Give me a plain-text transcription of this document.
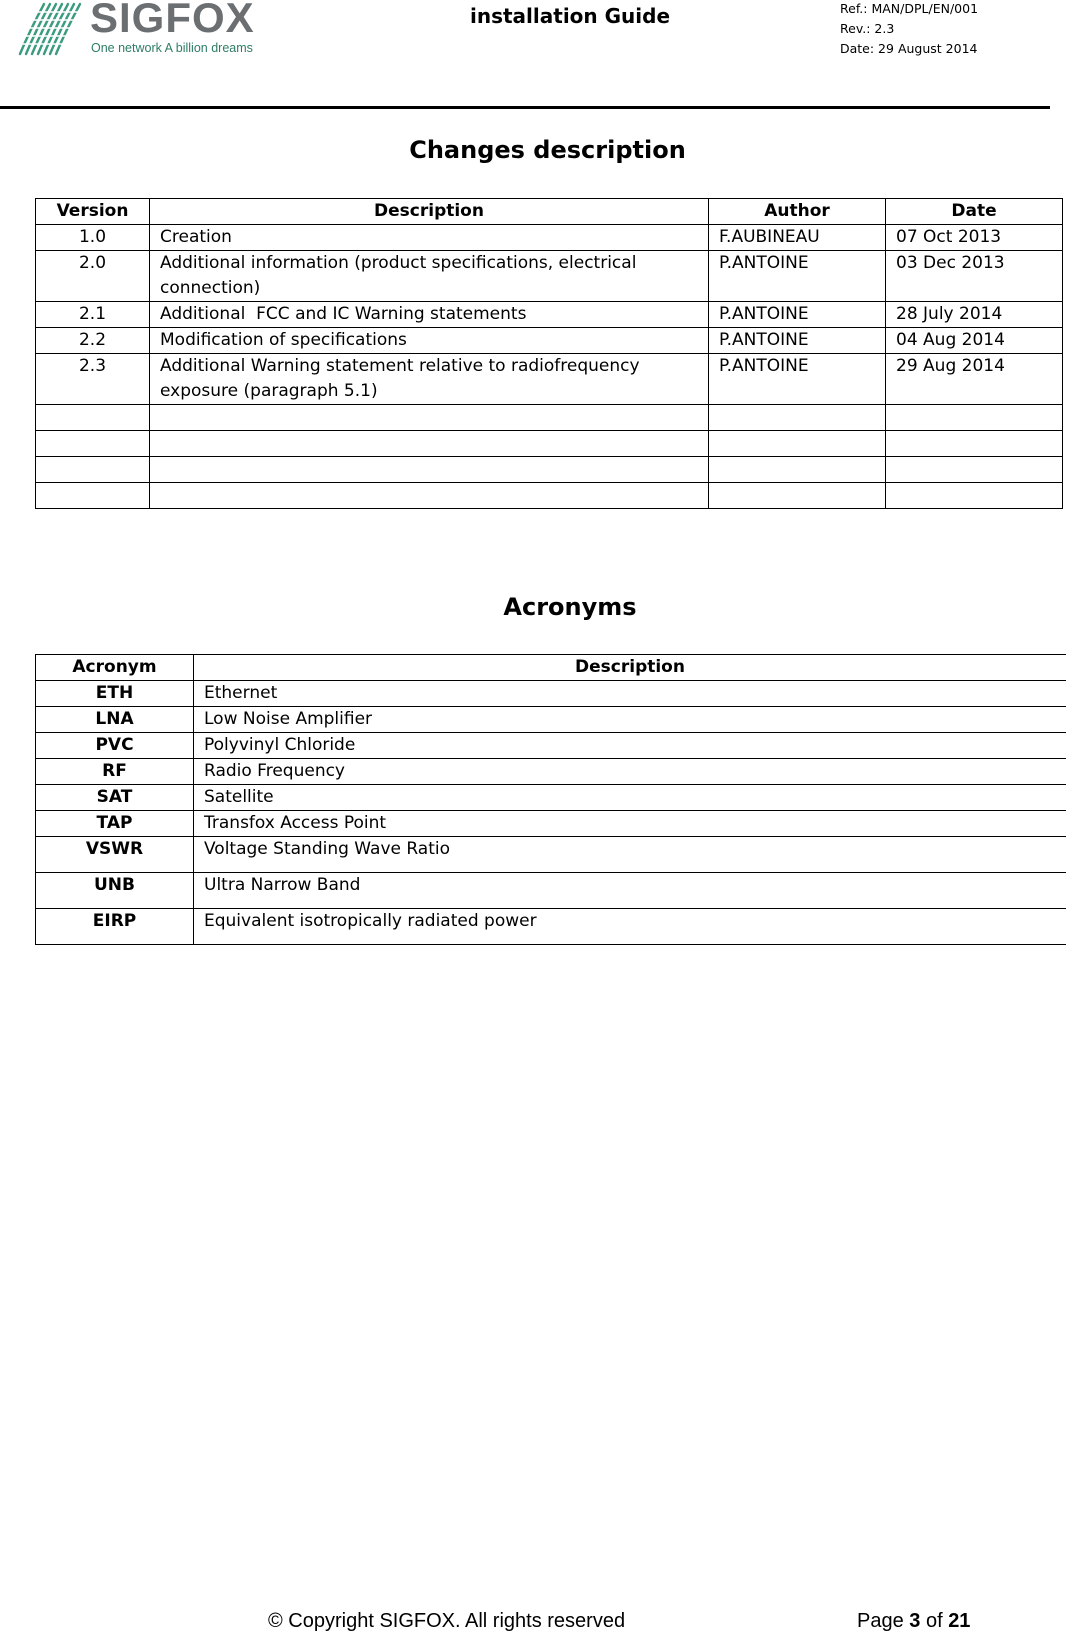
SIGFOX
One network A billion dreams
installation Guide	Ref.: MAN/DPL/EN/001
Rev.: 2.3
Date: 29 August 2014
Changes description
Version	Description	Author	Date
1.0	Creation	F.AUBINEAU	07 Oct 2013
2.0	Additional information (product specifications, electrical connection)	P.ANTOINE	03 Dec 2013
2.1	Additional  FCC and IC Warning statements	P.ANTOINE	28 July 2014
2.2	Modification of specifications	P.ANTOINE	04 Aug 2014
2.3	Additional Warning statement relative to radiofrequency exposure (paragraph 5.1)	P.ANTOINE	29 Aug 2014

Acronyms
Acronym	Description
ETH	Ethernet
LNA	Low Noise Amplifier
PVC	Polyvinyl Chloride
RF	Radio Frequency
SAT	Satellite
TAP	Transfox Access Point
VSWR	Voltage Standing Wave Ratio
UNB	Ultra Narrow Band
EIRP	Equivalent isotropically radiated power
© Copyright SIGFOX. All rights reserved	Page 3 of 21
